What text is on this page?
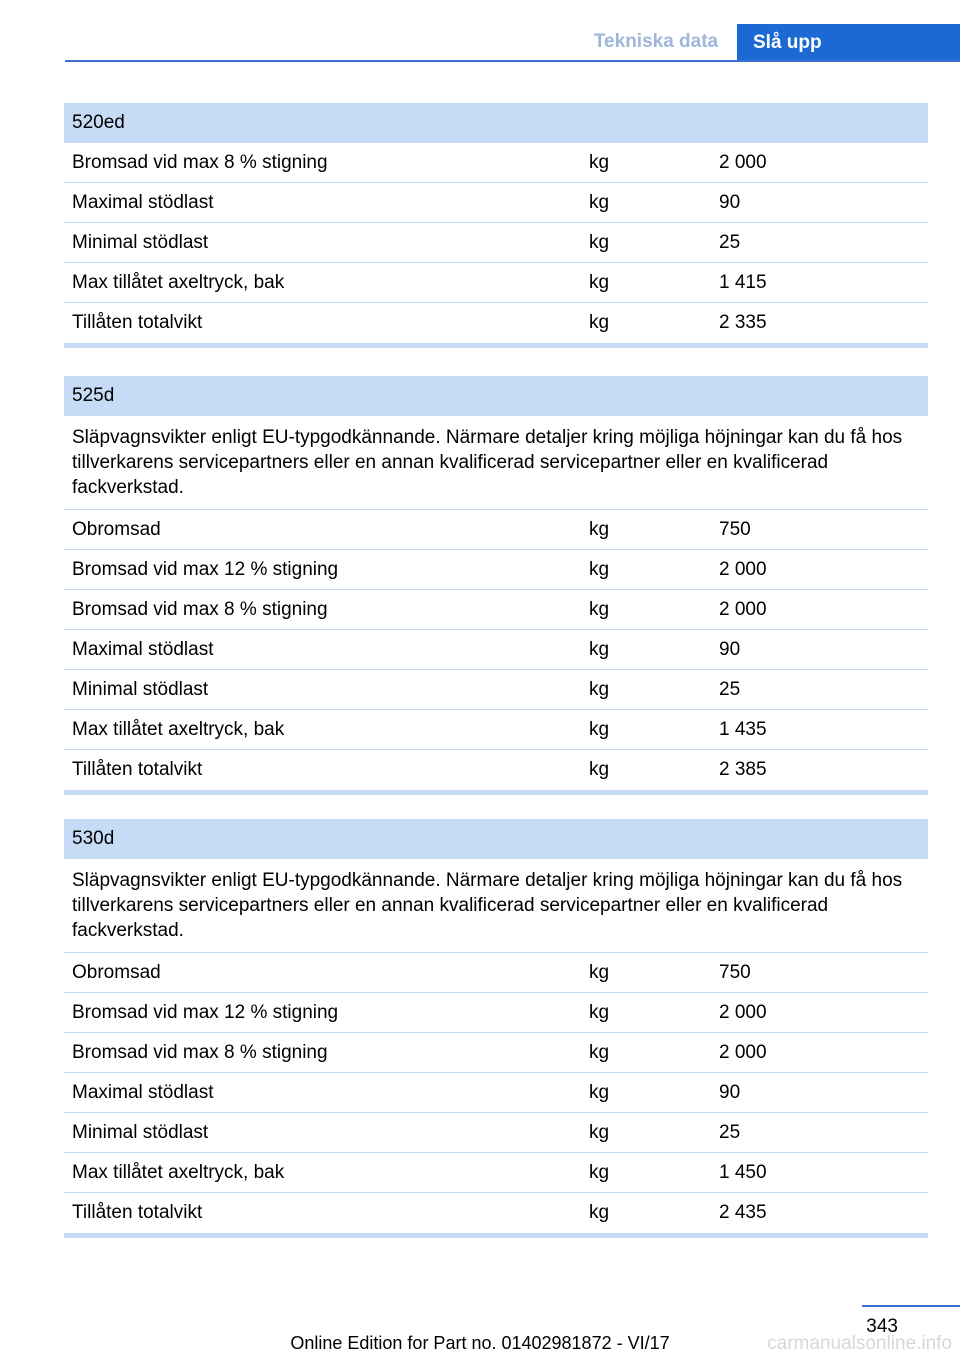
Tekniska data	Slå upp
520ed
Bromsad vid max 8 % stigning	kg	2 000
Maximal stödlast	kg	90
Minimal stödlast	kg	25
Max tillåtet axeltryck, bak	kg	1 415
Tillåten totalvikt	kg	2 335
525d
Släpvagnsvikter enligt EU-typgodkännande. Närmare detaljer kring möjliga höjningar kan du få hos tillverkarens servicepartners eller en annan kvalificerad servicepartner eller en kvalificerad fackverkstad.
Obromsad	kg	750
Bromsad vid max 12 % stigning	kg	2 000
Bromsad vid max 8 % stigning	kg	2 000
Maximal stödlast	kg	90
Minimal stödlast	kg	25
Max tillåtet axeltryck, bak	kg	1 435
Tillåten totalvikt	kg	2 385
530d
Släpvagnsvikter enligt EU-typgodkännande. Närmare detaljer kring möjliga höjningar kan du få hos tillverkarens servicepartners eller en annan kvalificerad servicepartner eller en kvalificerad fackverkstad.
Obromsad	kg	750
Bromsad vid max 12 % stigning	kg	2 000
Bromsad vid max 8 % stigning	kg	2 000
Maximal stödlast	kg	90
Minimal stödlast	kg	25
Max tillåtet axeltryck, bak	kg	1 450
Tillåten totalvikt	kg	2 435
343
Online Edition for Part no. 01402981872 - VI/17	carmanualsonline.info
